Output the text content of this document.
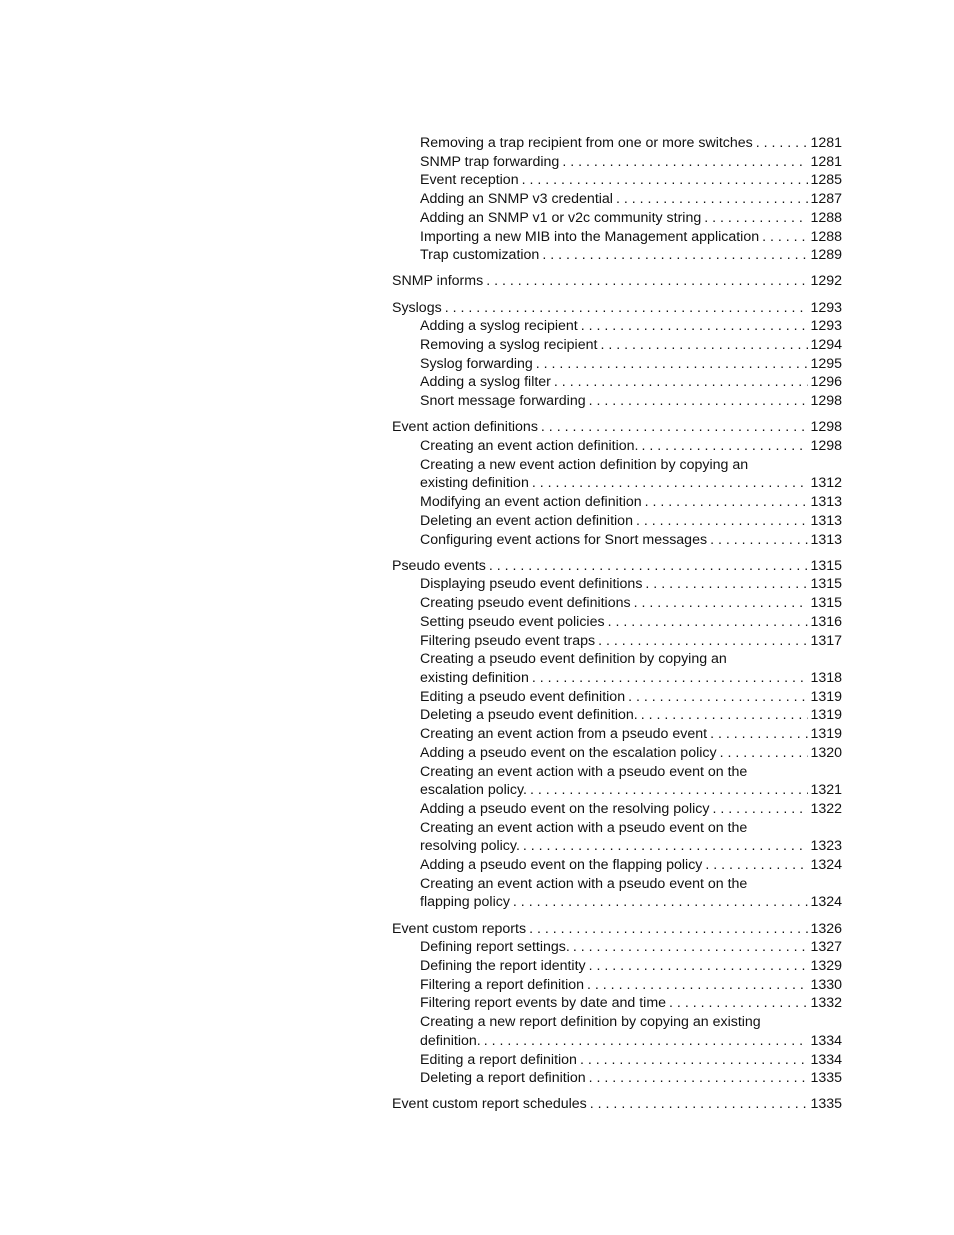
Removing a trap recipient from one or more switches . . .	1281
SNMP trap forwarding . . .	1281
Event reception . . .	1285
Adding an SNMP v3 credential . . .	1287
Adding an SNMP v1 or v2c community string . . .	1288
Importing a new MIB into the Management application . . .	1288
Trap customization . . .	1289
SNMP informs . . .	1292
Syslogs . . .	1293
Adding a syslog recipient . . .	1293
Removing a syslog recipient . . .	1294
Syslog forwarding . . .	1295
Adding a syslog filter . . .	1296
Snort message forwarding . . .	1298
Event action definitions . . .	1298
Creating an event action definition. . . .	1298
Creating a new event action definition by copying an
existing definition . . .	1312
Modifying an event action definition . . .	1313
Deleting an event action definition . . .	1313
Configuring event actions for Snort messages . . .	1313
Pseudo events . . .	1315
Displaying pseudo event definitions . . .	1315
Creating pseudo event definitions . . .	1315
Setting pseudo event policies . . .	1316
Filtering pseudo event traps . . .	1317
Creating a pseudo event definition by copying an
existing definition . . .	1318
Editing a pseudo event definition . . .	1319
Deleting a pseudo event definition. . . .	1319
Creating an event action from a pseudo event . . .	1319
Adding a pseudo event on the escalation policy . . .	1320
Creating an event action with a pseudo event on the
escalation policy. . . .	1321
Adding a pseudo event on the resolving policy . . .	1322
Creating an event action with a pseudo event on the
resolving policy. . . .	1323
Adding a pseudo event on the flapping policy . . .	1324
Creating an event action with a pseudo event on the
flapping policy . . .	1324
Event custom reports . . .	1326
Defining report settings. . . .	1327
Defining the report identity . . .	1329
Filtering a report definition . . .	1330
Filtering report events by date and time . . .	1332
Creating a new report definition by copying an existing
definition. . . .	1334
Editing a report definition . . .	1334
Deleting a report definition . . .	1335
Event custom report schedules . . .	1335
